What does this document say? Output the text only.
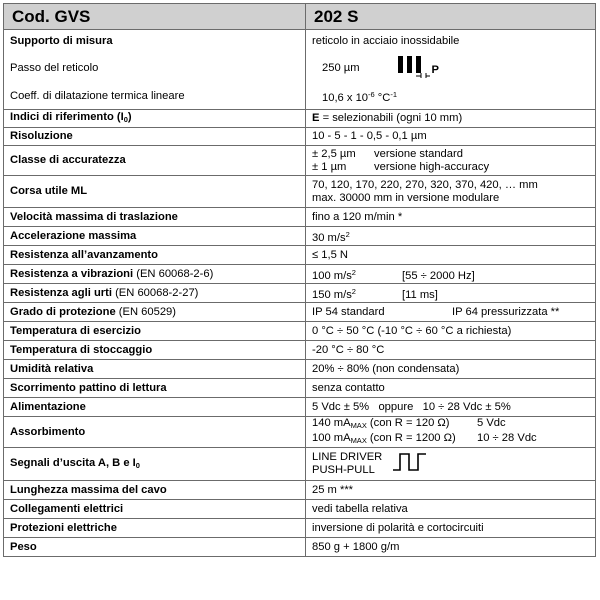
Cod. GVS	202 S
Supporto di misura	reticolo in acciaio inossidabile
Passo del reticolo	250 µm P

Coeff. di dilatazione termica lineare	10,6 x $10^{-6}$ $^\circ C^{-1}$
Indici di riferimento (I0)	E = selezionabili (ogni 10 mm)
Risoluzione	10 - 5 - 1 - 0,5 - 0,1 µm
Classe di accuratezza	± 2,5 µm versione standard
± 1 µm versione high-accuracy

Corsa utile ML	70, 120, 170, 220, 270, 320, 370, 420, … mm
max. 30000 mm in versione modulare

Velocità massima di traslazione	fino a 120 m/min *
Accelerazione massima	30 $m/s^2$
Resistenza all’avanzamento	≤ 1,5 N
Resistenza a vibrazioni (EN 60068-2-6)	100 $m/s^2$ [55 ÷ 2000 Hz]
Resistenza agli urti (EN 60068-2-27)	150 $m/s^2$ [11 ms]
Grado di protezione (EN 60529)	IP 54 standard IP 64 pressurizzata **
Temperatura di esercizio	0 °C ÷ 50 °C (-10 °C ÷ 60 °C a richiesta)
Temperatura di stoccaggio	-20 °C ÷ 80 °C
Umidità relativa	20% ÷ 80% (non condensata)
Scorrimento pattino di lettura	senza contatto
Alimentazione	5 Vdc ± 5%   oppure   10 ÷ 28 Vdc ± 5%
Assorbimento	140 mAMAX (con R = 120 Ω) 5 Vdc
100 mAMAX (con R = 1200 Ω) 10 ÷ 28 Vdc

Segnali d’uscita A, B e I0	LINE DRIVER
PUSH-PULL

Lunghezza massima del cavo	25 m ***
Collegamenti elettrici	vedi tabella relativa
Protezioni elettriche	inversione di polarità e cortocircuiti
Peso	850 g + 1800 g/m
